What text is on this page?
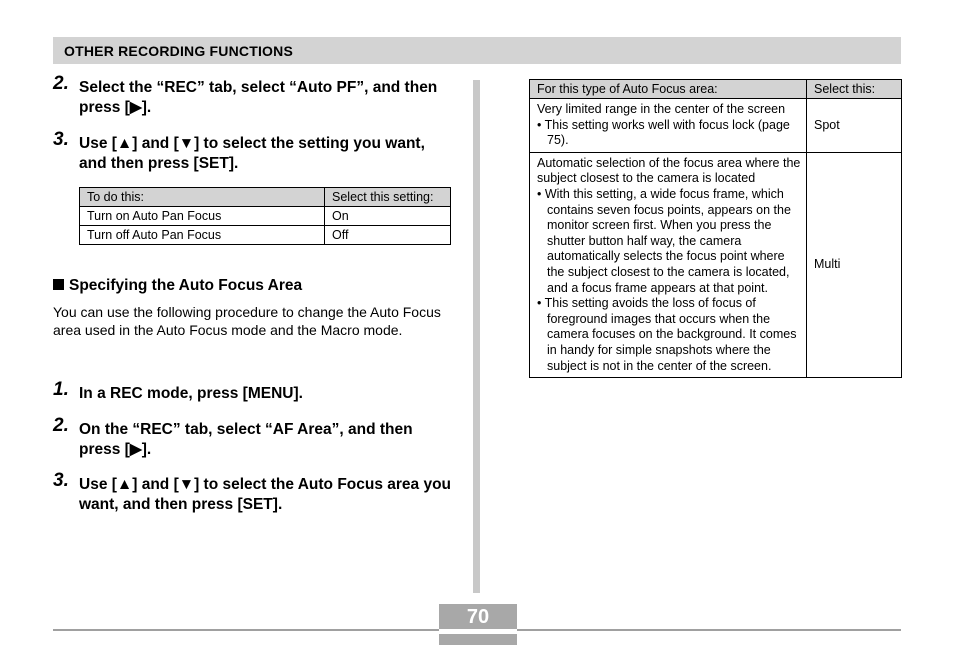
OTHER RECORDING FUNCTIONS
2. Select the “REC” tab, select “Auto PF”, and then press [▶].
3. Use [▲] and [▼] to select the setting you want, and then press [SET].
To do this:	Select this setting:
Turn on Auto Pan Focus	On
Turn off Auto Pan Focus	Off
Specifying the Auto Focus Area
You can use the following procedure to change the Auto Focus area used in the Auto Focus mode and the Macro mode.
1. In a REC mode, press [MENU].
2. On the “REC” tab, select “AF Area”, and then press [▶].
3. Use [▲] and [▼] to select the Auto Focus area you want, and then press [SET].
For this type of Auto Focus area:	Select this:
Very limited range in the center of the screen
• This setting works well with focus lock (page 75).	Spot
Automatic selection of the focus area where the subject closest to the camera is located
• With this setting, a wide focus frame, which contains seven focus points, appears on the monitor screen first. When you press the shutter button half way, the camera automatically selects the focus point where the subject closest to the camera is located, and a focus frame appears at that point.
• This setting avoids the loss of focus of foreground images that occurs when the camera focuses on the background. It comes in handy for simple snapshots where the subject is not in the center of the screen.	Multi
70
